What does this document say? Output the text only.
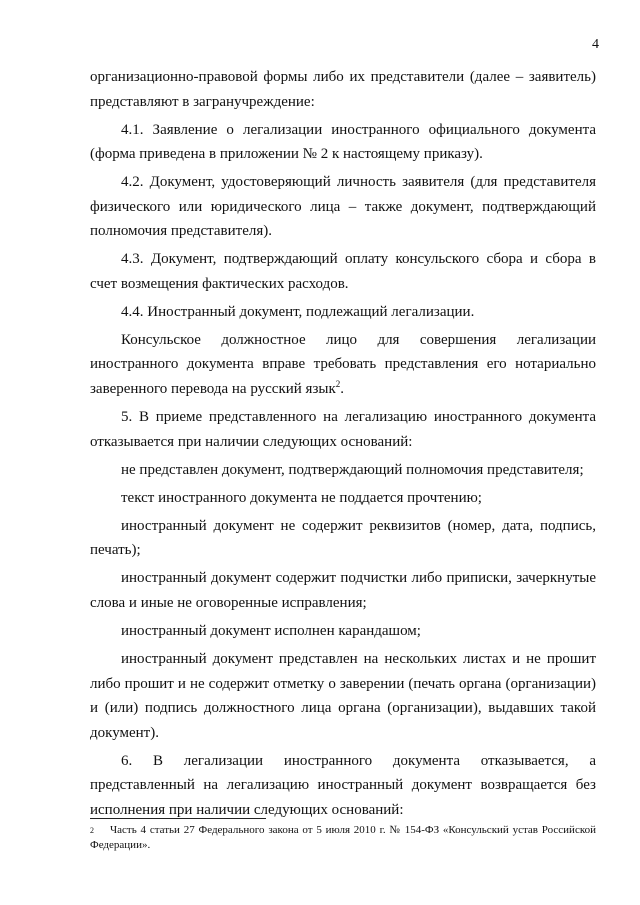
4

организационно-правовой формы либо их представители (далее – заявитель) представляют в загранучреждение:

4.1. Заявление о легализации иностранного официального документа (форма приведена в приложении № 2 к настоящему приказу).

4.2. Документ, удостоверяющий личность заявителя (для представителя физического или юридического лица – также документ, подтверждающий полномочия представителя).

4.3. Документ, подтверждающий оплату консульского сбора и сбора в счет возмещения фактических расходов.

4.4. Иностранный документ, подлежащий легализации.

Консульское должностное лицо для совершения легализации иностранного документа вправе требовать представления его нотариально заверенного перевода на русский язык$^2$.

5. В приеме представленного на легализацию иностранного документа отказывается при наличии следующих оснований:

не представлен документ, подтверждающий полномочия представителя;

текст иностранного документа не поддается прочтению;

иностранный документ не содержит реквизитов (номер, дата, подпись, печать);

иностранный документ содержит подчистки либо приписки, зачеркнутые слова и иные не оговоренные исправления;

иностранный документ исполнен карандашом;

иностранный документ представлен на нескольких листах и не прошит либо прошит и не содержит отметку о заверении (печать органа (организации) и (или) подпись должностного лица органа (организации), выдавших такой документ).

6. В легализации иностранного документа отказывается, а представленный на легализацию иностранный документ возвращается без исполнения при наличии следующих оснований:

2 Часть 4 статьи 27 Федерального закона от 5 июля 2010 г. № 154-ФЗ «Консульский устав Российской Федерации».
